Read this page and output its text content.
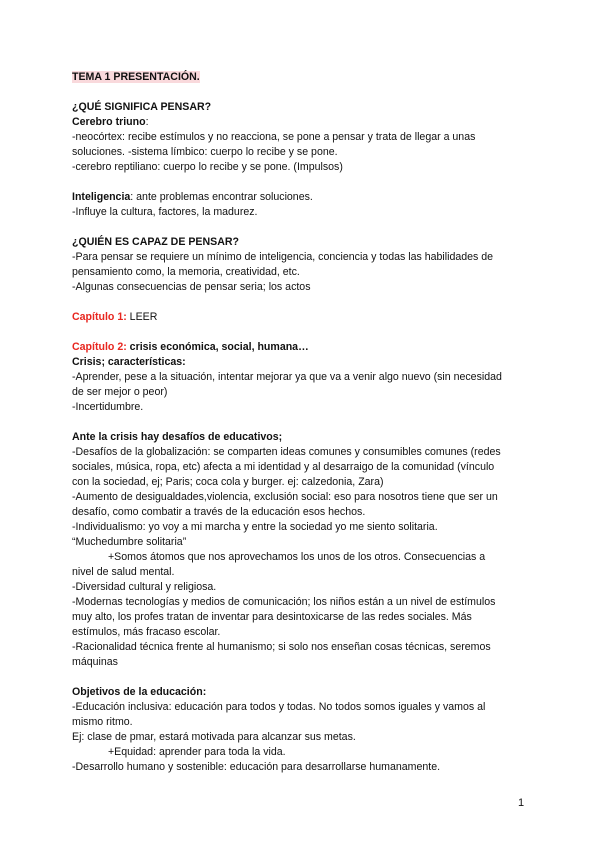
TEMA 1 PRESENTACIÓN.

¿QUÉ SIGNIFICA PENSAR?

Cerebro triuno:

-neocórtex: recibe estímulos y no reacciona, se pone a pensar y trata de llegar a unas

soluciones. -sistema límbico: cuerpo lo recibe y se pone.

-cerebro reptiliano: cuerpo lo recibe y se pone. (Impulsos)

Inteligencia: ante problemas encontrar soluciones.

-Influye la cultura, factores, la madurez.

¿QUIÉN ES CAPAZ DE PENSAR?

-Para pensar se requiere un mínimo de inteligencia, conciencia y todas las habilidades de

pensamiento como, la memoria, creatividad, etc.

-Algunas consecuencias de pensar seria; los actos

Capítulo 1: LEER

Capítulo 2: crisis económica, social, humana…

Crisis; características:

-Aprender, pese a la situación, intentar mejorar ya que va a venir algo nuevo (sin necesidad

de ser mejor o peor)

-Incertidumbre.

Ante la crisis hay desafíos de educativos;

-Desafíos de la globalización: se comparten ideas comunes y consumibles comunes (redes

sociales, música, ropa, etc) afecta a mi identidad y al desarraigo de la comunidad (vínculo

con la sociedad, ej; Paris; coca cola y burger. ej: calzedonia, Zara)

-Aumento de desigualdades,violencia, exclusión social: eso para nosotros tiene que ser un

desafío, como combatir a través de la educación esos hechos.

-Individualismo: yo voy a mi marcha y entre la sociedad yo me siento solitaria.

“Muchedumbre solitaria”

+Somos átomos que nos aprovechamos los unos de los otros. Consecuencias a

nivel de salud mental.

-Diversidad cultural y religiosa.

-Modernas tecnologías y medios de comunicación; los niños están a un nivel de estímulos

muy alto, los profes tratan de inventar para desintoxicarse de las redes sociales. Más

estímulos, más fracaso escolar.

-Racionalidad técnica frente al humanismo; si solo nos enseñan cosas técnicas, seremos

máquinas

Objetivos de la educación:

-Educación inclusiva: educación para todos y todas. No todos somos iguales y vamos al

mismo ritmo.

Ej: clase de pmar, estará motivada para alcanzar sus metas.

+Equidad: aprender para toda la vida.

-Desarrollo humano y sostenible: educación para desarrollarse humanamente.

1
